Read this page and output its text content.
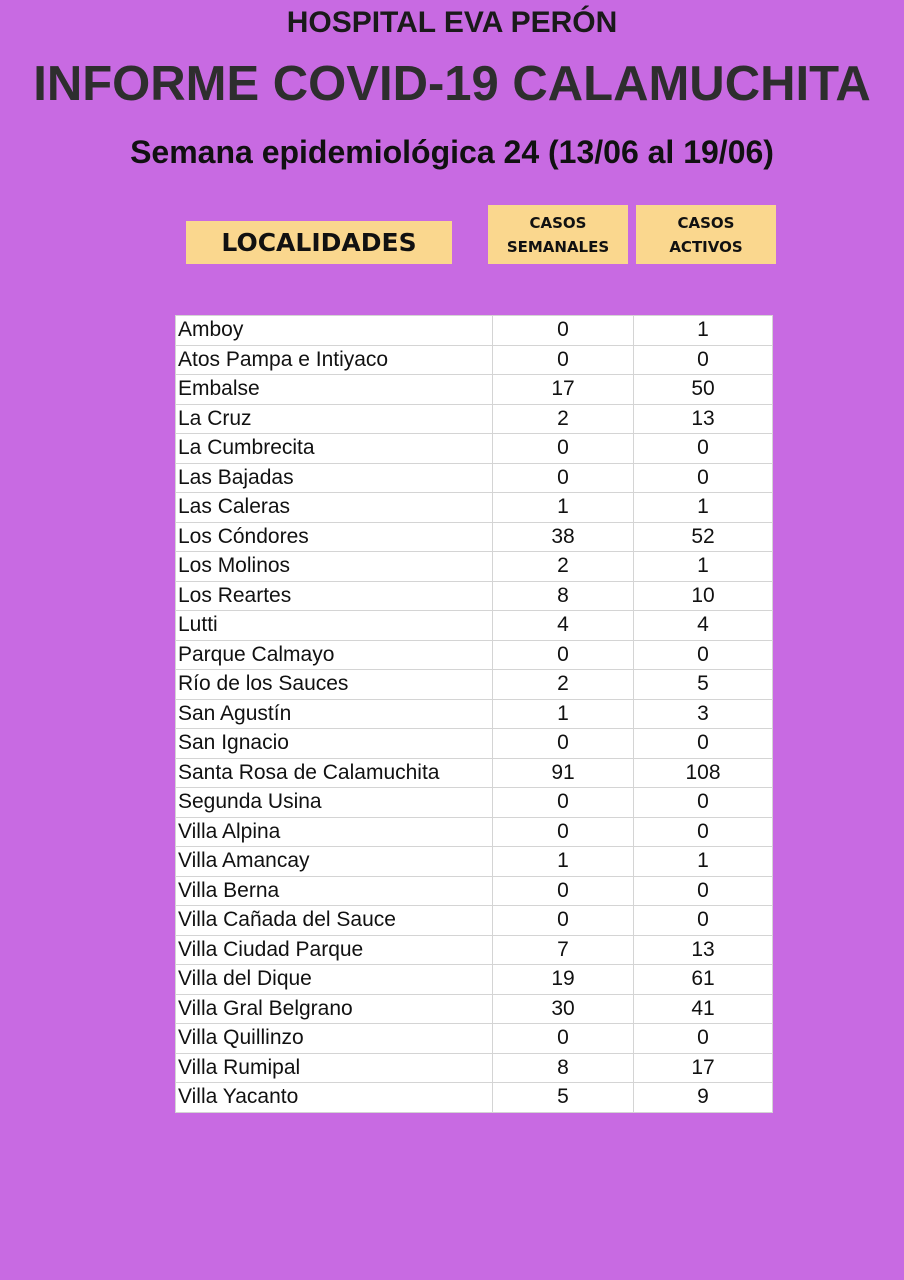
HOSPITAL EVA PERÓN
INFORME COVID-19 CALAMUCHITA
Semana epidemiológica 24 (13/06 al 19/06)
LOCALIDADES
CASOS
SEMANALES
CASOS
ACTIVOS
Amboy	0	1
Atos Pampa e Intiyaco	0	0
Embalse	17	50
La Cruz	2	13
La Cumbrecita	0	0
Las Bajadas	0	0
Las Caleras	1	1
Los Cóndores	38	52
Los Molinos	2	1
Los Reartes	8	10
Lutti	4	4
Parque Calmayo	0	0
Río de los Sauces	2	5
San Agustín	1	3
San Ignacio	0	0
Santa Rosa de Calamuchita	91	108
Segunda Usina	0	0
Villa Alpina	0	0
Villa Amancay	1	1
Villa Berna	0	0
Villa Cañada del Sauce	0	0
Villa Ciudad Parque	7	13
Villa del Dique	19	61
Villa Gral Belgrano	30	41
Villa Quillinzo	0	0
Villa Rumipal	8	17
Villa Yacanto	5	9
